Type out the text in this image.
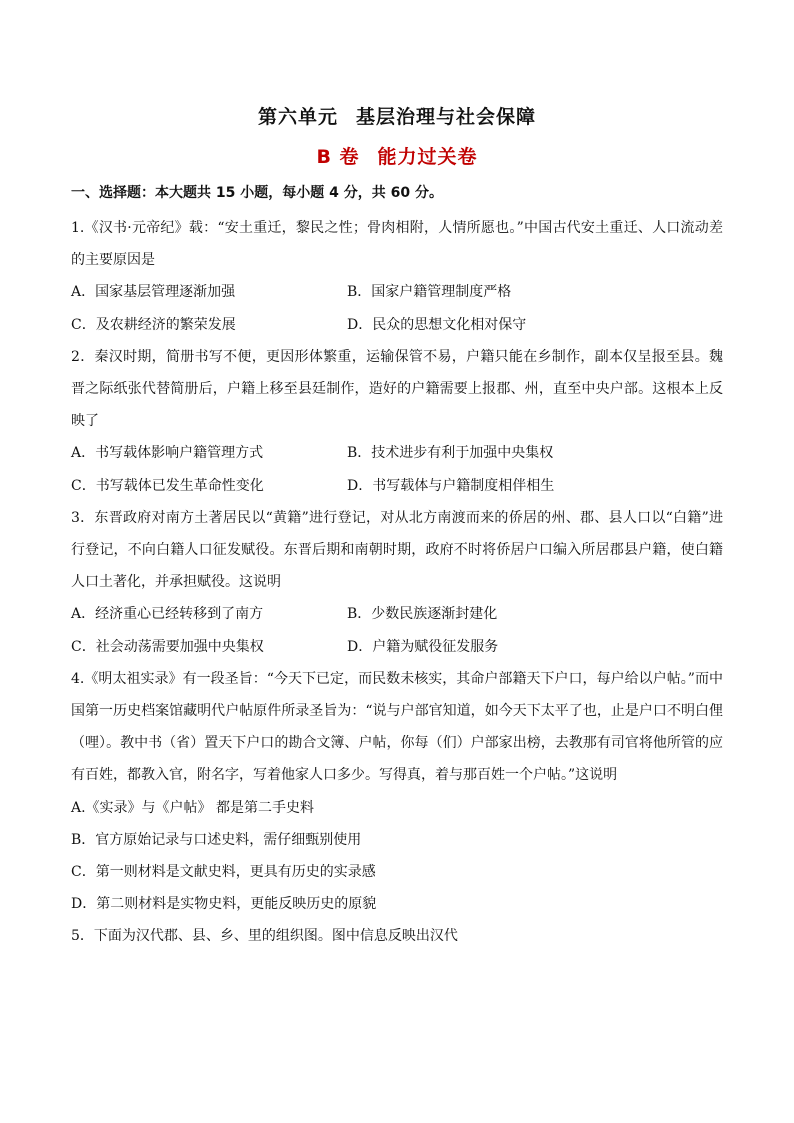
第六单元 基层治理与社会保障
B 卷 能力过关卷
一、选择题：本大题共 15 小题，每小题 4 分，共 60 分。

1.《汉书·元帝纪》载：“安土重迁，黎民之性；骨肉相附，人情所愿也。”中国古代安土重迁、人口流动差的主要原因是

A．国家基层管理逐渐加强	B．国家户籍管理制度严格

C．及农耕经济的繁荣发展	D．民众的思想文化相对保守

2．秦汉时期，简册书写不便，更因形体繁重，运输保管不易，户籍只能在乡制作，副本仅呈报至县。魏晋之际纸张代替简册后，户籍上移至县廷制作，造好的户籍需要上报郡、州，直至中央户部。这根本上反映了

A．书写载体影响户籍管理方式	B．技术进步有利于加强中央集权

C．书写载体已发生革命性变化	D．书写载体与户籍制度相伴相生

3．东晋政府对南方土著居民以“黄籍”进行登记，对从北方南渡而来的侨居的州、郡、县人口以“白籍”进行登记，不向白籍人口征发赋役。东晋后期和南朝时期，政府不时将侨居户口编入所居郡县户籍，使白籍人口土著化，并承担赋役。这说明

A．经济重心已经转移到了南方	B．少数民族逐渐封建化

C．社会动荡需要加强中央集权	D．户籍为赋役征发服务

4.《明太祖实录》有一段圣旨：“今天下已定，而民数未核实，其命户部籍天下户口，每户给以户帖。”而中国第一历史档案馆藏明代户帖原件所录圣旨为：“说与户部官知道，如今天下太平了也，止是户口不明白俚（哩）。教中书（省）置天下户口的勘合文簿、户帖，你每（们）户部家出榜，去教那有司官将他所管的应有百姓，都教入官，附名字，写着他家人口多少。写得真，着与那百姓一个户帖。”这说明

A.《实录》与《户帖》 都是第二手史料

B．官方原始记录与口述史料，需仔细甄别使用

C．第一则材料是文献史料，更具有历史的实录感

D．第二则材料是实物史料，更能反映历史的原貌

5．下面为汉代郡、县、乡、里的组织图。图中信息反映出汉代
